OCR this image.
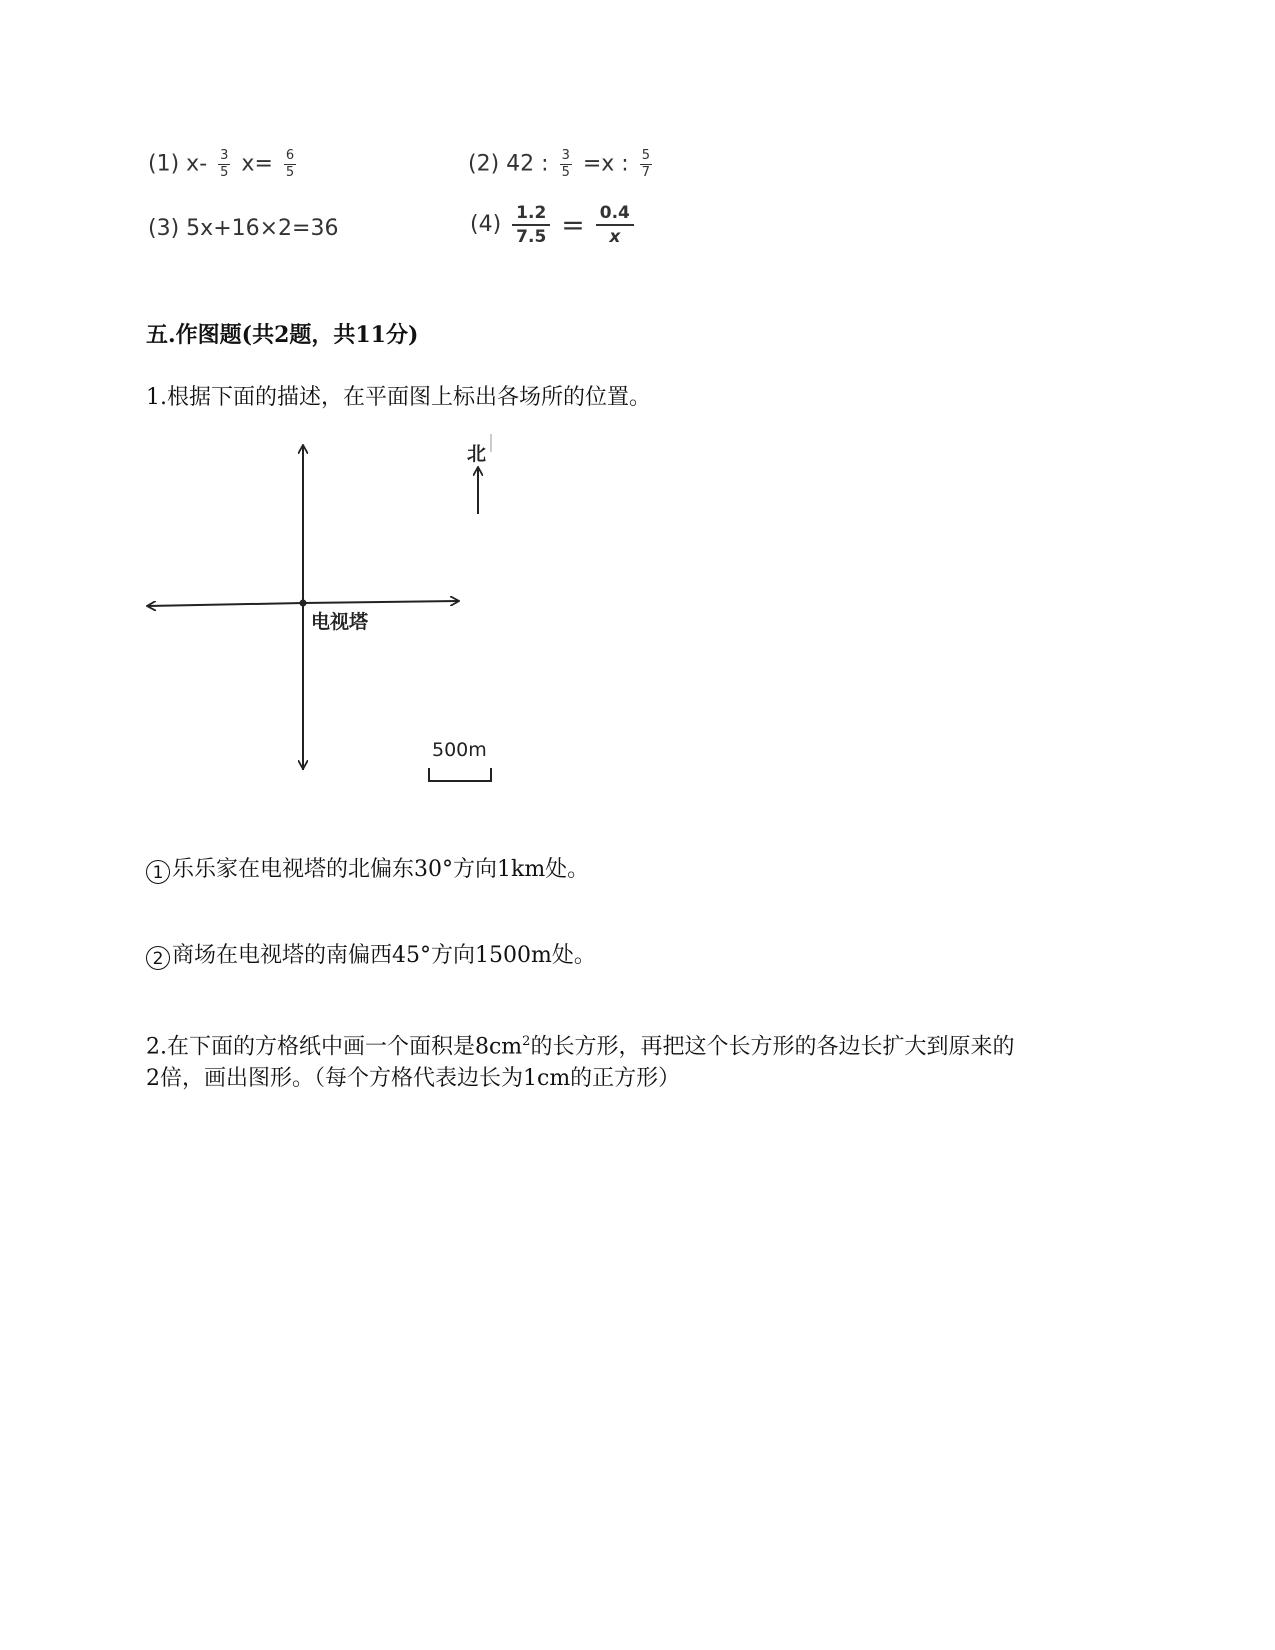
(1) $x- \frac{3}{5} x= \frac{6}{5}$	(2) 42 : $\frac{3}{5} =x$ : $\frac{5}{7}$
(3) 5x+16×2=36	$(4) \frac{1.2}{7.5} = \frac{0.4}{x}$
五.作图题(共2题，共11分)
1.根据下面的描述，在平面图上标出各场所的位置。
电视塔
北
500m
1 乐乐家在电视塔的北偏东30°方向1km处。
2 商场在电视塔的南偏西45°方向1500m处。
2.在下面的方格纸中画一个面积是$8cm^2$的长方形，再把这个长方形的各边长扩大到原来的
2倍，画出图形。（每个方格代表边长为1cm的正方形）
